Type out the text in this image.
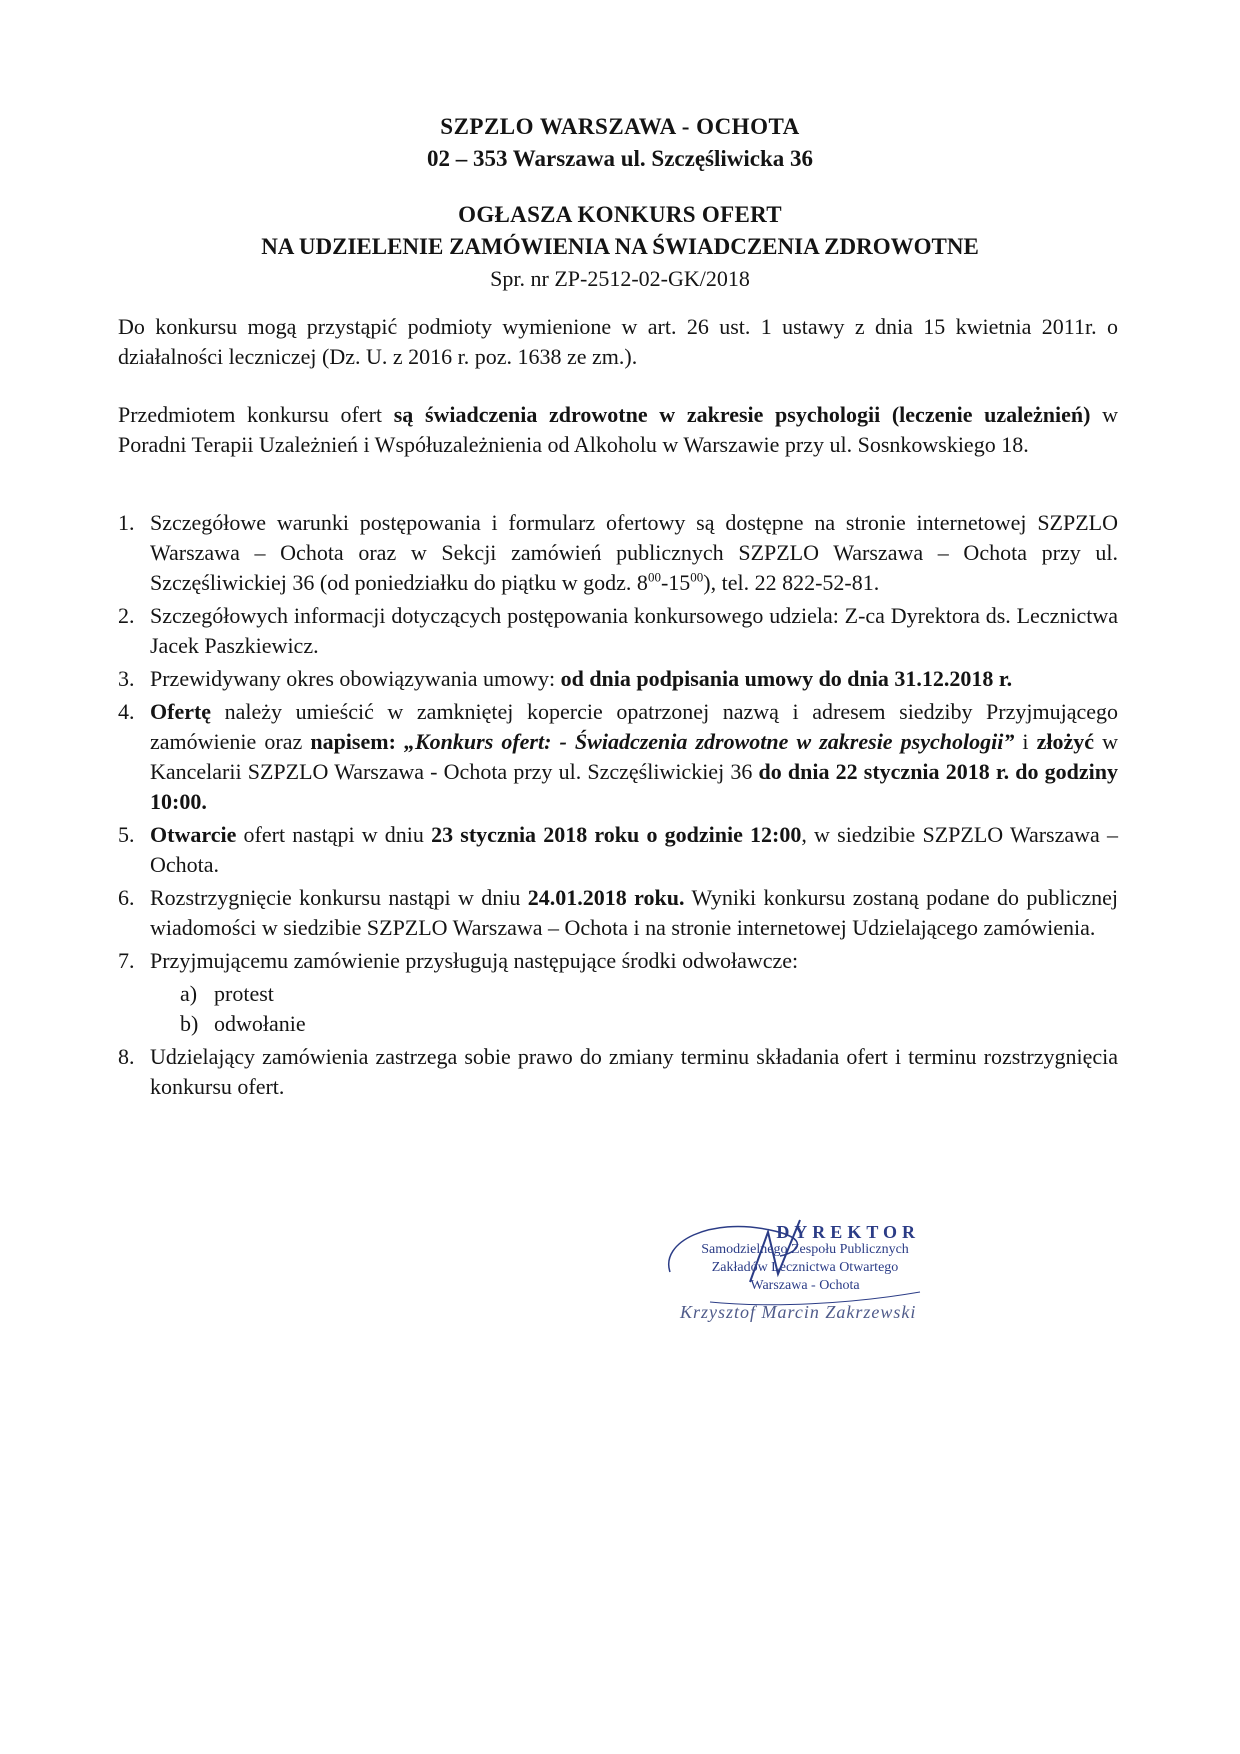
SZPZLO WARSZAWA - OCHOTA
02 – 353 Warszawa ul. Szczęśliwicka 36
OGŁASZA KONKURS OFERT
NA UDZIELENIE ZAMÓWIENIA NA ŚWIADCZENIA ZDROWOTNE
Spr. nr ZP-2512-02-GK/2018
Do konkursu mogą przystąpić podmioty wymienione w art. 26 ust. 1 ustawy z dnia 15 kwietnia 2011r. o działalności leczniczej (Dz. U. z 2016 r. poz. 1638 ze zm.).
Przedmiotem konkursu ofert są świadczenia zdrowotne w zakresie psychologii (leczenie uzależnień) w Poradni Terapii Uzależnień i Współuzależnienia od Alkoholu w Warszawie przy ul. Sosnkowskiego 18.
1. Szczegółowe warunki postępowania i formularz ofertowy są dostępne na stronie internetowej SZPZLO Warszawa – Ochota oraz w Sekcji zamówień publicznych SZPZLO Warszawa – Ochota przy ul. Szczęśliwickiej 36 (od poniedziałku do piątku w godz. $8^{00}-15^{00}$), tel. 22 822-52-81.
2. Szczegółowych informacji dotyczących postępowania konkursowego udziela: Z-ca Dyrektora ds. Lecznictwa Jacek Paszkiewicz.
3. Przewidywany okres obowiązywania umowy: od dnia podpisania umowy do dnia 31.12.2018 r.
4. Ofertę należy umieścić w zamkniętej kopercie opatrzonej nazwą i adresem siedziby Przyjmującego zamówienie oraz napisem: „Konkurs ofert: - Świadczenia zdrowotne w zakresie psychologii” i złożyć w Kancelarii SZPZLO Warszawa - Ochota przy ul. Szczęśliwickiej 36 do dnia 22 stycznia 2018 r. do godziny 10:00.
5. Otwarcie ofert nastąpi w dniu 23 stycznia 2018 roku o godzinie 12:00, w siedzibie SZPZLO Warszawa – Ochota.
6. Rozstrzygnięcie konkursu nastąpi w dniu 24.01.2018 roku. Wyniki konkursu zostaną podane do publicznej wiadomości w siedzibie SZPZLO Warszawa – Ochota i na stronie internetowej Udzielającego zamówienia.
7. Przyjmującemu zamówienie przysługują następujące środki odwoławcze:
a) protest
b) odwołanie
8. Udzielający zamówienia zastrzega sobie prawo do zmiany terminu składania ofert i terminu rozstrzygnięcia konkursu ofert.
DYREKTOR
Samodzielnego Zespołu Publicznych
Zakładów Lecznictwa Otwartego
Warszawa - Ochota
Krzysztof Marcin Zakrzewski
